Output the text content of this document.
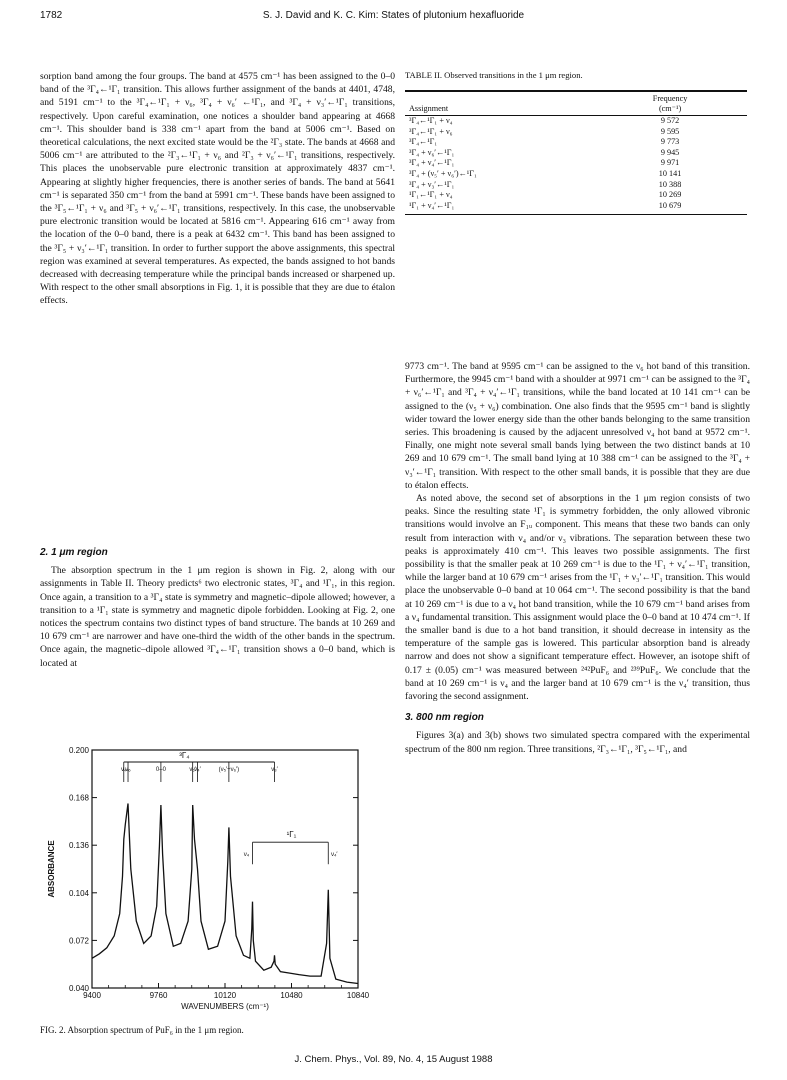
1782	S. J. David and K. C. Kim: States of plutonium hexafluoride

sorption band among the four groups. The band at 4575 cm⁻¹ has been assigned to the 0–0 band of the ³Γ₄←¹Γ₁ transition. This allows further assignment of the bands at 4401, 4748, and 5191 cm⁻¹ to the ³Γ₄←¹Γ₁ + ν₆, ³Γ₄ + ν₆′ ←¹Γ₁, and ³Γ₄ + ν₃′←¹Γ₁ transitions, respectively. Upon careful examination, one notices a shoulder band appearing at 4668 cm⁻¹. This shoulder band is 338 cm⁻¹ apart from the band at 5006 cm⁻¹. Based on theoretical calculations, the next excited state would be the ²Γ₃ state. The bands at 4668 and 5006 cm⁻¹ are attributed to the ²Γ₃←¹Γ₁ + ν₆ and ²Γ₃ + ν₆′←¹Γ₁ transitions, respectively. This places the unobservable pure electronic transition at approximately 4837 cm⁻¹. Appearing at slightly higher frequencies, there is another series of bands. The band at 5641 cm⁻¹ is separated 350 cm⁻¹ from the band at 5991 cm⁻¹. These bands have been assigned to the ³Γ₅←¹Γ₁ + ν₆ and ³Γ₅ + ν₆′←¹Γ₁ transitions, respectively. In this case, the unobservable pure electronic transition would be located at 5816 cm⁻¹. Appearing 616 cm⁻¹ away from the location of the 0–0 band, there is a peak at 6432 cm⁻¹. This band has been assigned to the ³Γ₅ + ν₃′←¹Γ₁ transition. In order to further support the above assignments, this spectral region was examined at several temperatures. As expected, the bands assigned to hot bands decreased with decreasing temperature while the principal bands increased or sharpened up. With respect to the other small absorptions in Fig. 1, it is possible that they are due to étalon effects.

2. 1 μm region

The absorption spectrum in the 1 μm region is shown in Fig. 2, along with our assignments in Table II. Theory predicts⁶ two electronic states, ³Γ₄ and ¹Γ₁, in this region. Once again, a transition to a ³Γ₄ state is symmetry and magnetic–dipole allowed; however, a transition to a ¹Γ₁ state is symmetry and magnetic dipole forbidden. Looking at Fig. 2, one notices the spectrum contains two distinct types of band structure. The bands at 10 269 and 10 679 cm⁻¹ are narrower and have one-third the width of the other bands in the spectrum. Once again, the magnetic–dipole allowed ³Γ₄←¹Γ₁ transition shows a 0–0 band, which is located at

TABLE II. Observed transitions in the 1 μm region.
Assignment	Frequency
(cm⁻¹)
³Γ₄←¹Γ₁ + ν₄	9 572
³Γ₄←¹Γ₁ + ν₆	9 595
³Γ₄←¹Γ₁	9 773
³Γ₄ + ν₆′←¹Γ₁	9 945
³Γ₄ + ν₄′←¹Γ₁	9 971
³Γ₄ + (ν₅′ + ν₆′)←¹Γ₁	10 141
³Γ₄ + ν₃′←¹Γ₁	10 388
¹Γ₁←¹Γ₁ + ν₄	10 269
¹Γ₁ + ν₄′←¹Γ₁	10 679

9773 cm⁻¹. The band at 9595 cm⁻¹ can be assigned to the ν₆ hot band of this transition. Furthermore, the 9945 cm⁻¹ band with a shoulder at 9971 cm⁻¹ can be assigned to the ³Γ₄ + ν₆′←¹Γ₁ and ³Γ₄ + ν₄′←¹Γ₁ transitions, while the band located at 10 141 cm⁻¹ can be assigned to the (ν₅ + ν₆) combination. One also finds that the 9595 cm⁻¹ band is slightly wider toward the lower energy side than the other bands belonging to the same transition series. This broadening is caused by the adjacent unresolved ν₄ hot band at 9572 cm⁻¹. Finally, one might note several small bands lying between the two distinct bands at 10 269 and 10 679 cm⁻¹. The small band lying at 10 388 cm⁻¹ can be assigned to the ³Γ₄ + ν₃′←¹Γ₁ transition. With respect to the other small bands, it is possible that they are due to étalon effects.

As noted above, the second set of absorptions in the 1 μm region consists of two peaks. Since the resulting state ¹Γ₁ is symmetry forbidden, the only allowed vibronic transitions would involve an F₁ᵤ component. This means that these two bands can only result from interaction with ν₄ and/or ν₃ vibrations. The separation between these two peaks is approximately 410 cm⁻¹. This leaves two possible assignments. The first possibility is that the smaller peak at 10 269 cm⁻¹ is due to the ¹Γ₁ + ν₄′←¹Γ₁ transition, while the larger band at 10 679 cm⁻¹ arises from the ¹Γ₁ + ν₃′←¹Γ₁ transition. This would place the unobservable 0–0 band at 10 064 cm⁻¹. The second possibility is that the band at 10 269 cm⁻¹ is due to a ν₄ hot band transition, while the 10 679 cm⁻¹ band arises from a ν₄ fundamental transition. This assignment would place the 0–0 band at 10 474 cm⁻¹. If the smaller band is due to a hot band transition, it should decrease in intensity as the temperature of the sample gas is lowered. This particular absorption band is already narrow and does not show a significant temperature effect. However, an isotope shift of 0.17 ± (0.05) cm⁻¹ was measured between ²⁴²PuF₆ and ²³⁹PuF₆. We conclude that the band at 10 269 cm⁻¹ is ν₄ and the larger band at 10 679 cm⁻¹ is the ν₄′ transition, thus favoring the second assignment.

3. 800 nm region

Figures 3(a) and 3(b) shows two simulated spectra compared with the experimental spectrum of the 800 nm region. Three transitions, ²Γ₃←¹Γ₁, ³Γ₅←¹Γ₁, and

0.040
0.072
0.104
0.136
0.168
0.200
9400	9760	10120	10480	10840
WAVENUMBERS (cm⁻¹)
ABSORBANCE
³Γ₄
ν₄
ν₆	0–0	ν₆′
ν₄′	(ν₅′+ν₆′)	ν₃′
¹Γ₁
ν₄	ν₄′
FIG. 2. Absorption spectrum of PuF₆ in the 1 μm region.
J. Chem. Phys., Vol. 89, No. 4, 15 August 1988
